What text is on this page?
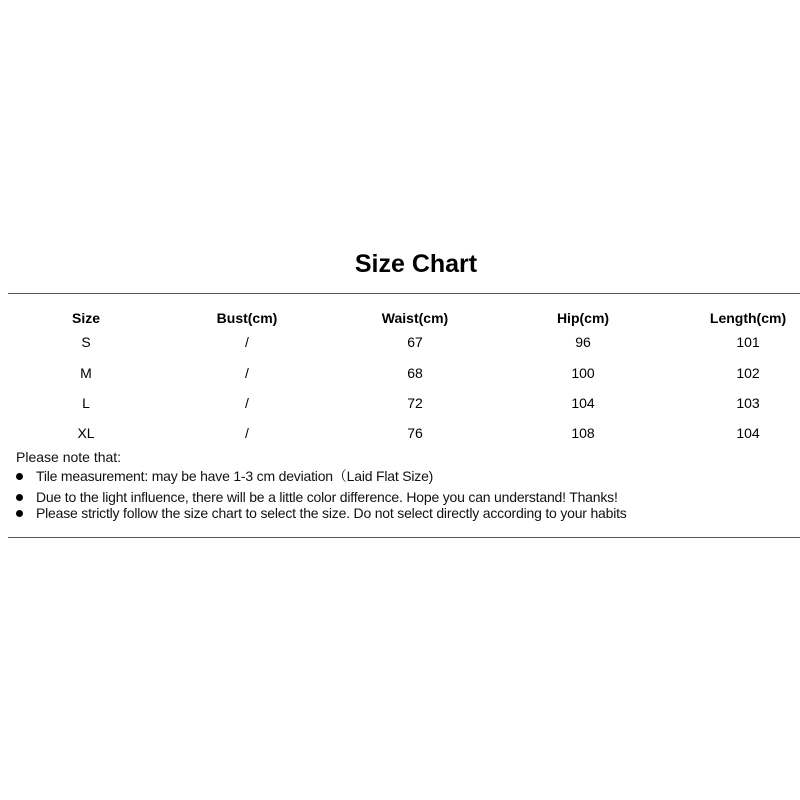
Size Chart
Size	Bust(cm)	Waist(cm)	Hip(cm)	Length(cm)
S	/	67	96	101
M	/	68	100	102
L	/	72	104	103
XL	/	76	108	104
Please note that:
Tile measurement: may be have 1-3 cm deviation（Laid Flat Size)
Due to the light influence, there will be a little color difference. Hope you can understand! Thanks!
Please strictly follow the size chart to select the size. Do not select directly according to your habits
